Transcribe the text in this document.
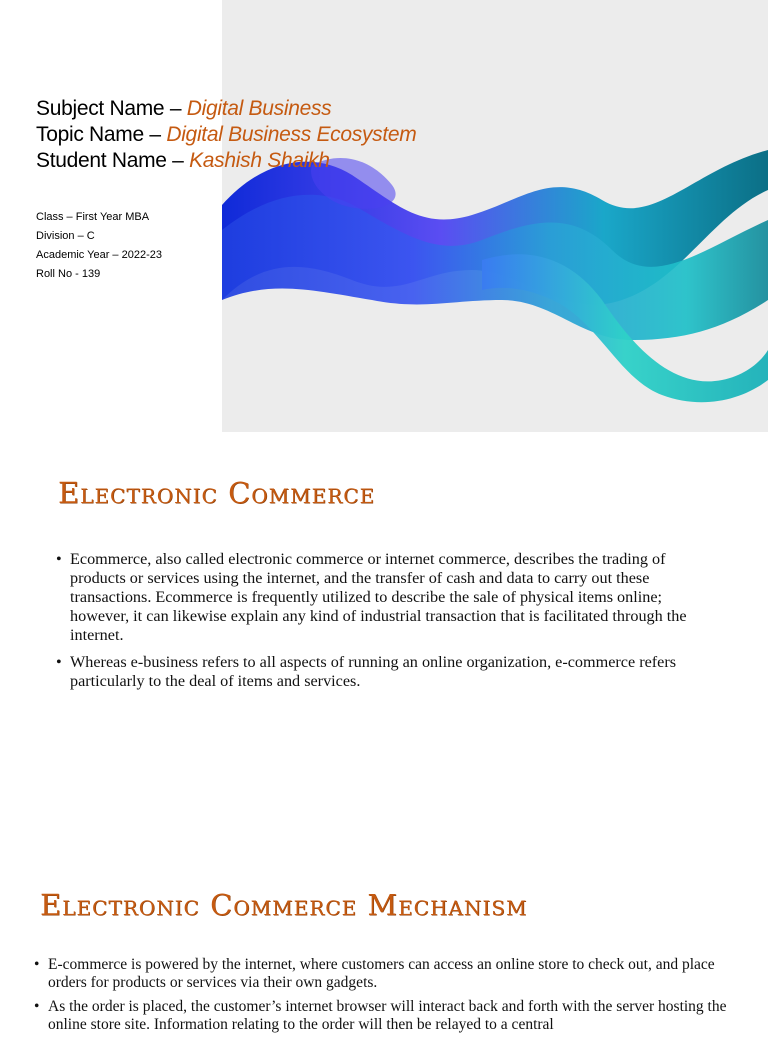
Subject Name – Digital Business
Topic Name – Digital Business Ecosystem
Student Name – Kashish Shaikh
Class – First Year MBA
Division – C
Academic Year – 2022-23
Roll No - 139
Electronic Commerce
• Ecommerce, also called electronic commerce or internet commerce, describes the trading of products or services using the internet, and the transfer of cash and data to carry out these transactions. Ecommerce is frequently utilized to describe the sale of physical items online; however, it can likewise explain any kind of industrial transaction that is facilitated through the internet.
• Whereas e-business refers to all aspects of running an online organization, e-commerce refers particularly to the deal of items and services.
Electronic Commerce Mechanism
• E-commerce is powered by the internet, where customers can access an online store to check out, and place orders for products or services via their own gadgets.
• As the order is placed, the customer’s internet browser will interact back and forth with the server hosting the online store site. Information relating to the order will then be relayed to a central
